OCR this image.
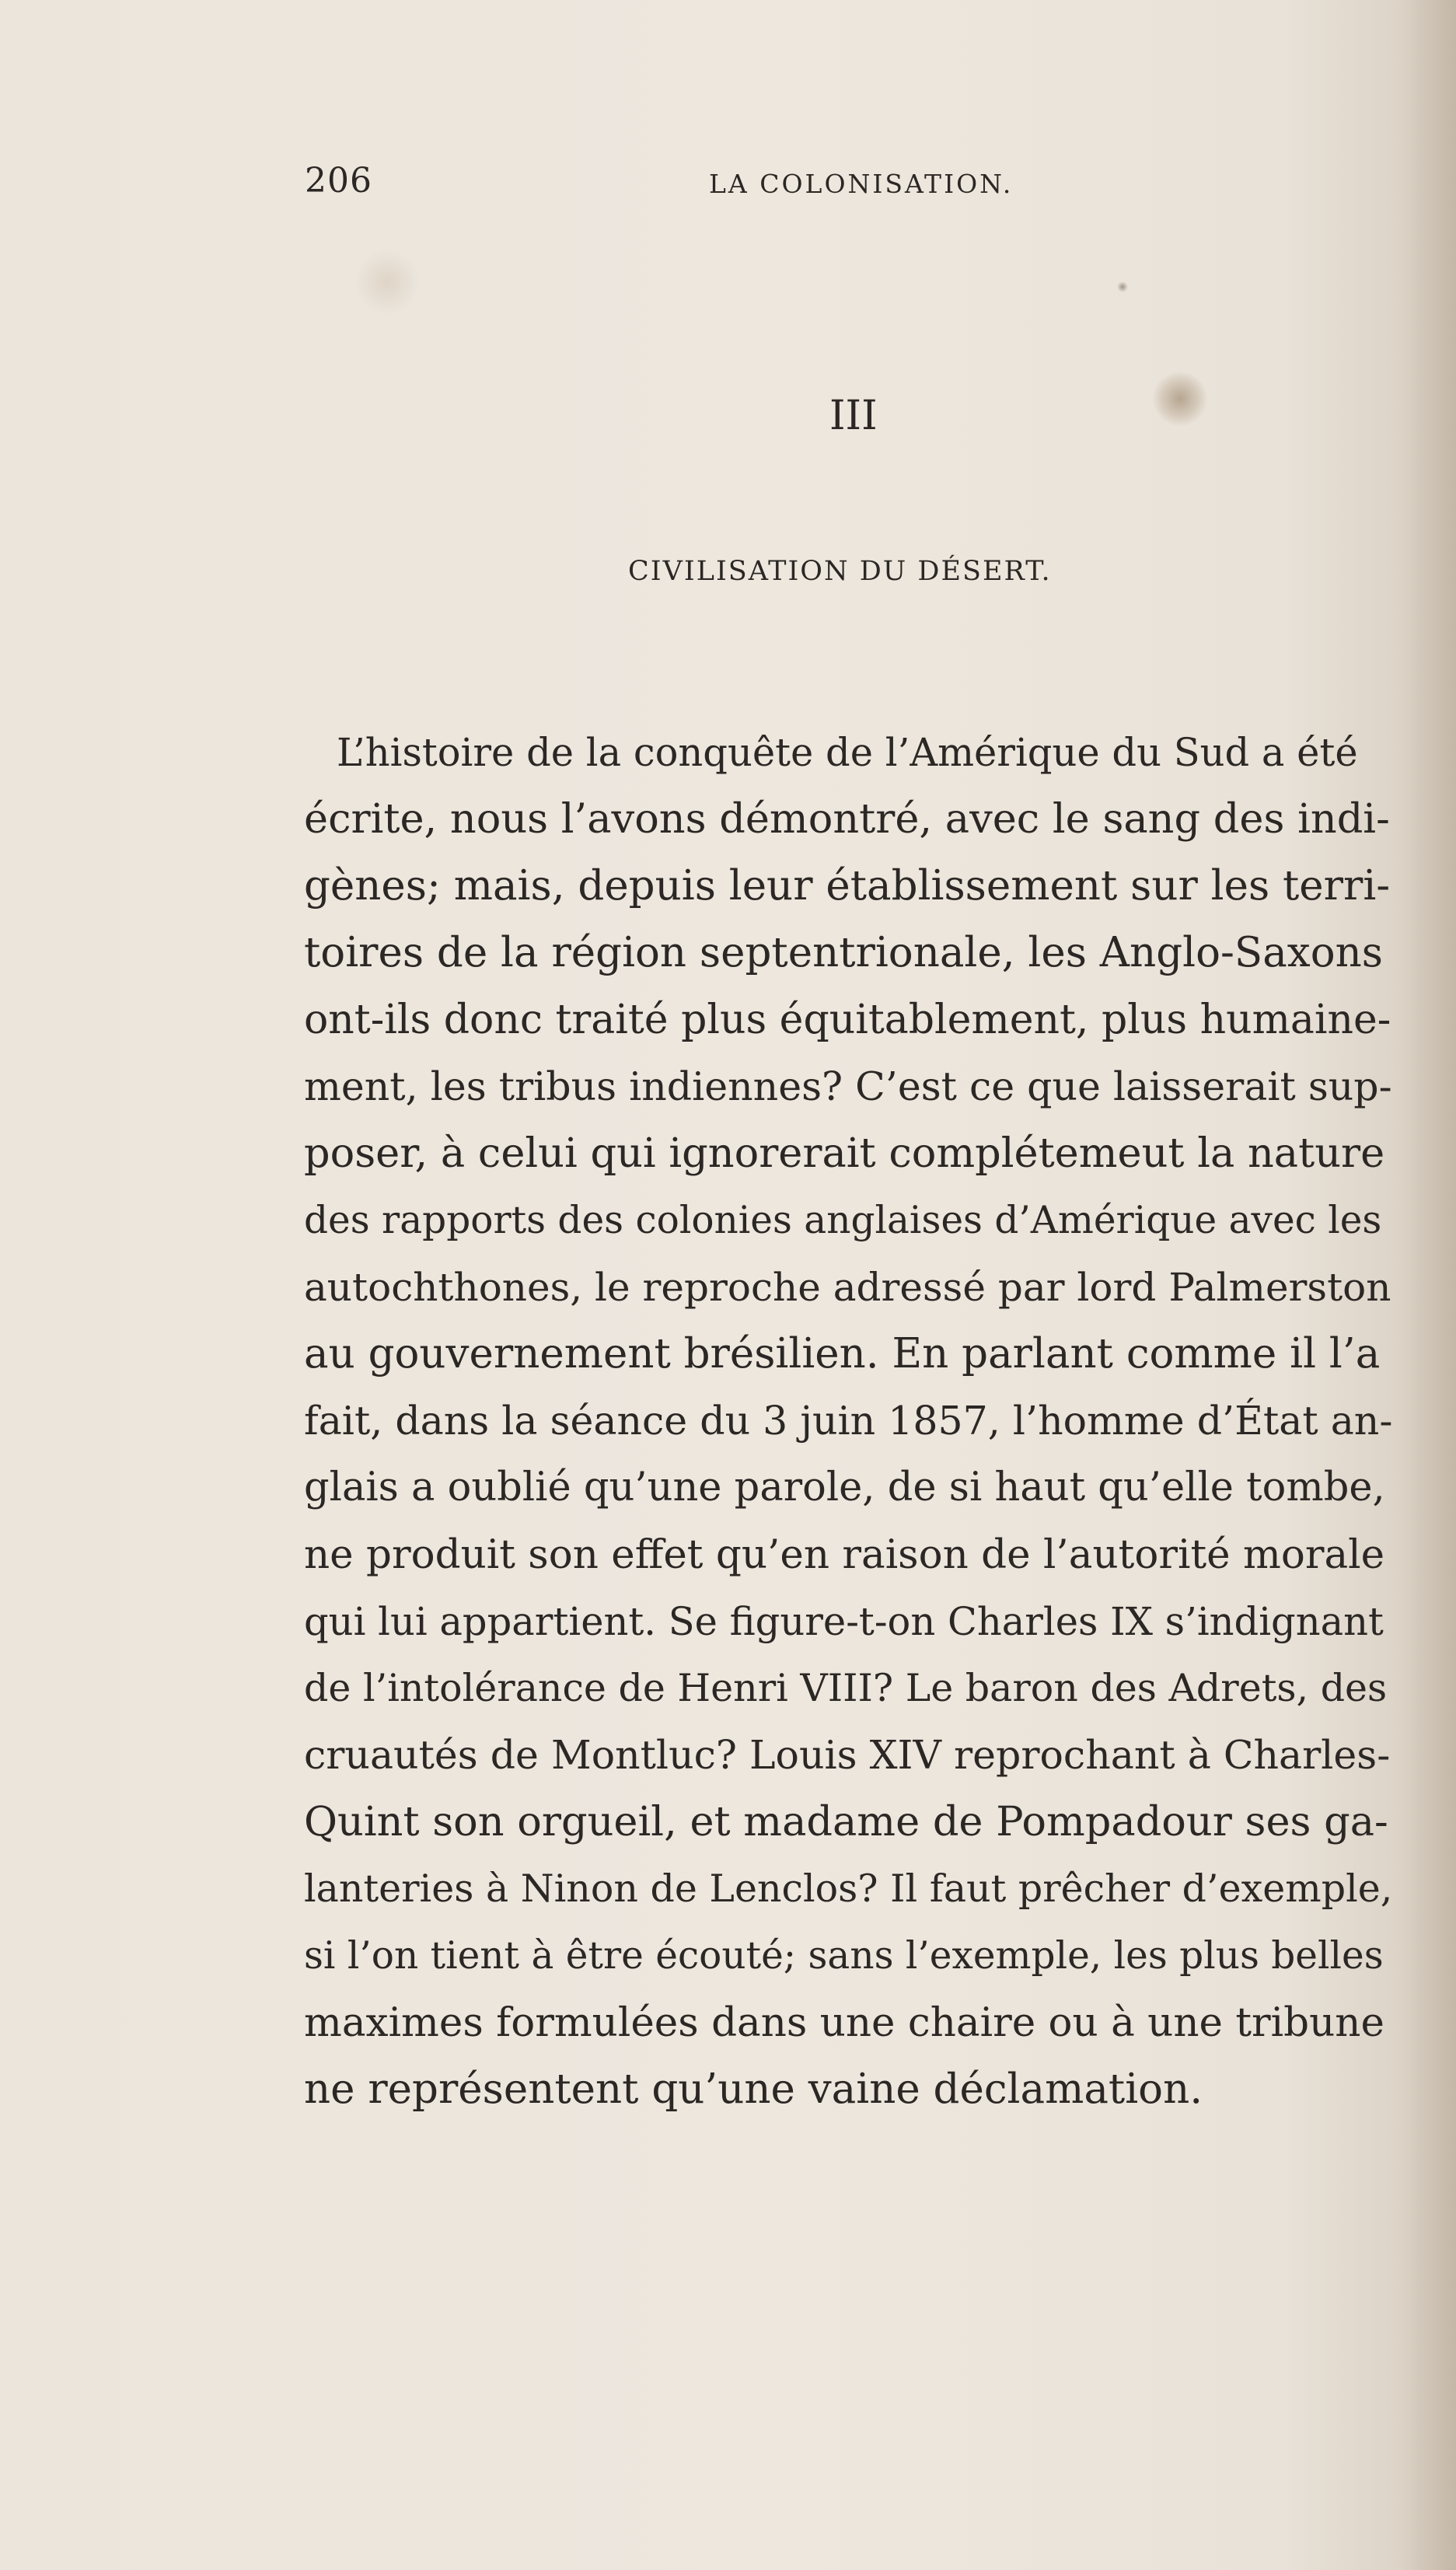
206	LA COLONISATION.
III
CIVILISATION DU DÉSERT.
L’histoire de la conquête de l’Amérique du Sud a été
écrite, nous l’avons démontré, avec le sang des indi-
gènes; mais, depuis leur établissement sur les terri-
toires de la région septentrionale, les Anglo-Saxons
ont-ils donc traité plus équitablement, plus humaine-
ment, les tribus indiennes? C’est ce que laisserait sup-
poser, à celui qui ignorerait complétemeut la nature
des rapports des colonies anglaises d’Amérique avec les
autochthones, le reproche adressé par lord Palmerston
au gouvernement brésilien. En parlant comme il l’a
fait, dans la séance du 3 juin 1857, l’homme d’État an-
glais a oublié qu’une parole, de si haut qu’elle tombe,
ne produit son effet qu’en raison de l’autorité morale
qui lui appartient. Se figure-t-on Charles IX s’indignant
de l’intolérance de Henri VIII? Le baron des Adrets, des
cruautés de Montluc? Louis XIV reprochant à Charles-
Quint son orgueil, et madame de Pompadour ses ga-
lanteries à Ninon de Lenclos? Il faut prêcher d’exemple,
si l’on tient à être écouté; sans l’exemple, les plus belles
maximes formulées dans une chaire ou à une tribune
ne représentent qu’une vaine déclamation.
